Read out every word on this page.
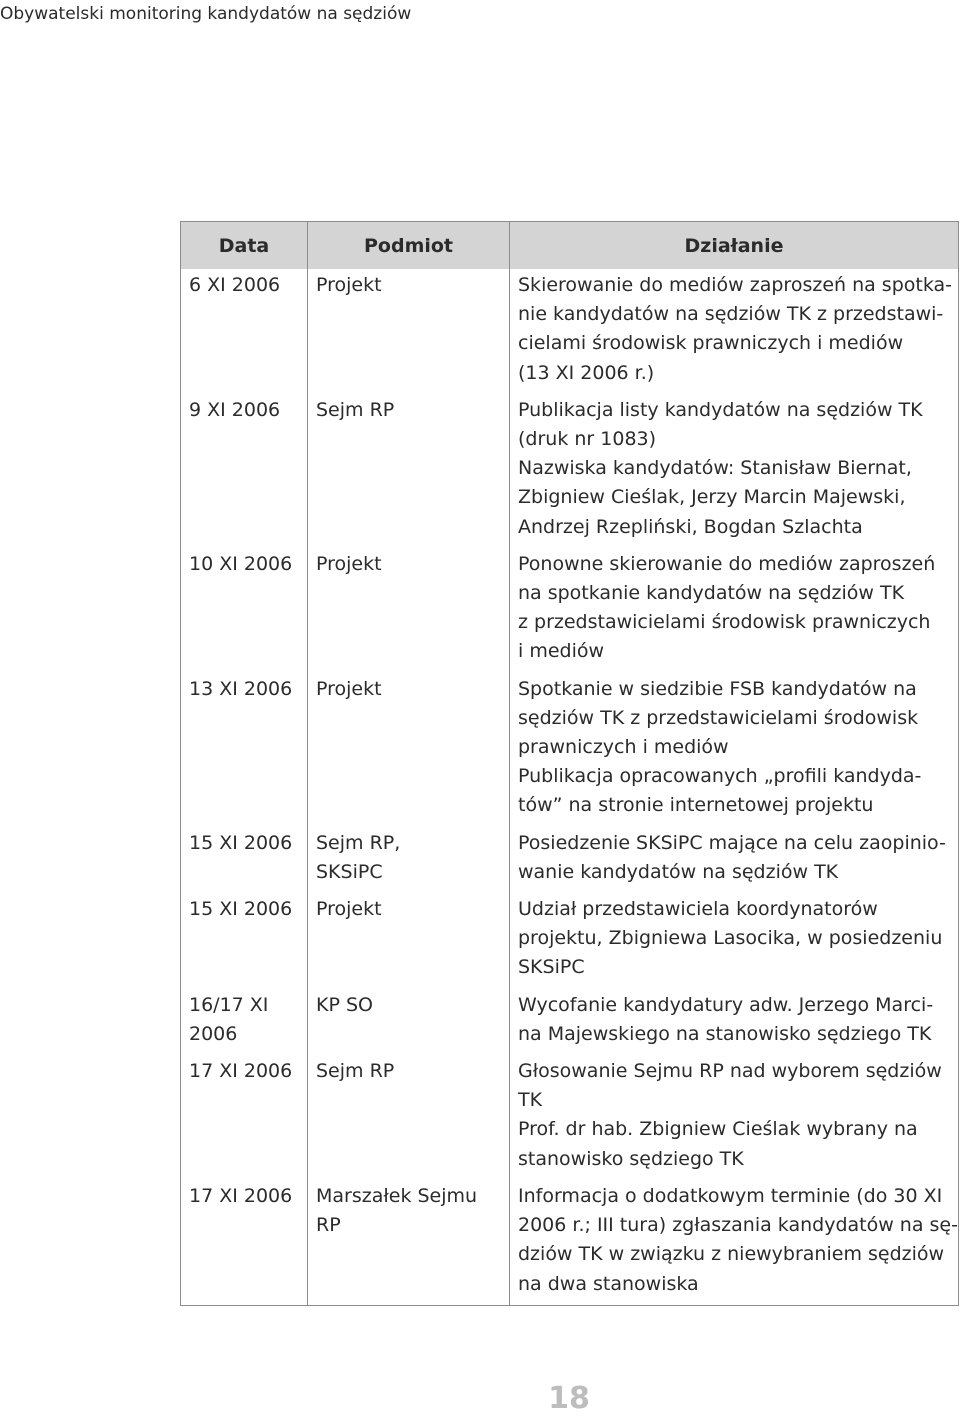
Obywatelski monitoring kandydatów na sędziów
Data	Podmiot	Działanie

6 XI 2006	Projekt	Skierowanie do mediów zaproszeń na spotka-
nie kandydatów na sędziów TK z przedstawi-
cielami środowisk prawniczych i mediów
(13 XI 2006 r.)

9 XI 2006	Sejm RP	Publikacja listy kandydatów na sędziów TK
(druk nr 1083)
Nazwiska kandydatów: Stanisław Biernat,
Zbigniew Cieślak, Jerzy Marcin Majewski,
Andrzej Rzepliński, Bogdan Szlachta

10 XI 2006	Projekt	Ponowne skierowanie do mediów zaproszeń
na spotkanie kandydatów na sędziów TK
z przedstawicielami środowisk prawniczych
i mediów

13 XI 2006	Projekt	Spotkanie w siedzibie FSB kandydatów na
sędziów TK z przedstawicielami środowisk
prawniczych i mediów
Publikacja opracowanych „profili kandyda-
tów” na stronie internetowej projektu

15 XI 2006	Sejm RP,
SKSiPC	Posiedzenie SKSiPC mające na celu zaopinio-
wanie kandydatów na sędziów TK

15 XI 2006	Projekt	Udział przedstawiciela koordynatorów
projektu, Zbigniewa Lasocika, w posiedzeniu
SKSiPC

16/17 XI
2006	KP SO	Wycofanie kandydatury adw. Jerzego Marci-
na Majewskiego na stanowisko sędziego TK

17 XI 2006	Sejm RP	Głosowanie Sejmu RP nad wyborem sędziów
TK
Prof. dr hab. Zbigniew Cieślak wybrany na
stanowisko sędziego TK

17 XI 2006	Marszałek Sejmu
RP	Informacja o dodatkowym terminie (do 30 XI
2006 r.; III tura) zgłaszania kandydatów na sę-
dziów TK w związku z niewybraniem sędziów
na dwa stanowiska
18
